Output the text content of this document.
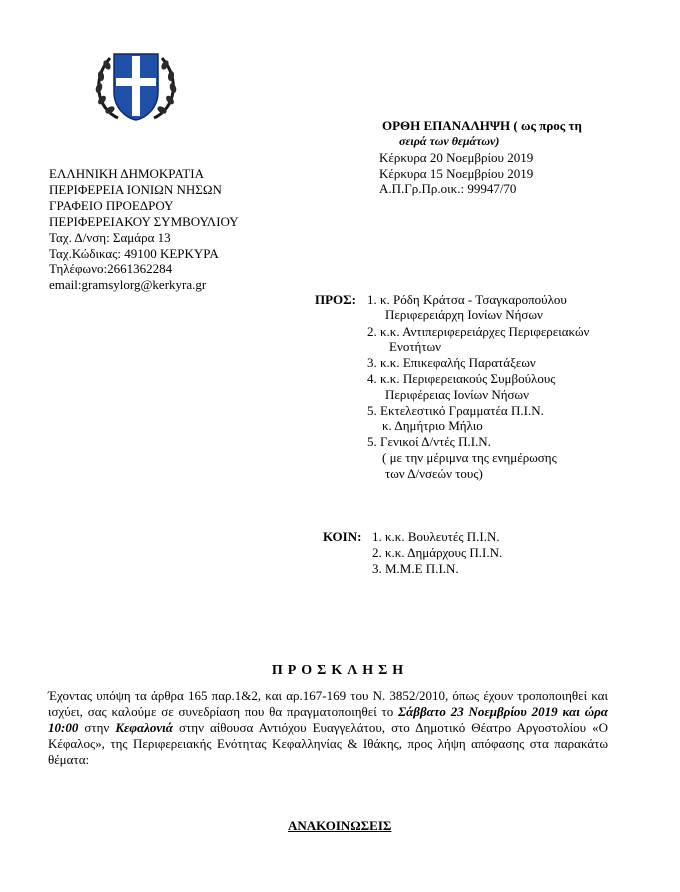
ΟΡΘΗ ΕΠΑΝΑΛΗΨΗ ( ως προς τη
σειρά των θεμάτων)
Κέρκυρα 20 Νοεμβρίου 2019
Κέρκυρα 15 Νοεμβρίου 2019
Α.Π.Γρ.Πρ.οικ.: 99947/70
ΕΛΛΗΝΙΚΗ ΔΗΜΟΚΡΑΤΙΑ
ΠΕΡΙΦΕΡΕΙΑ ΙΟΝΙΩΝ ΝΗΣΩΝ
ΓΡΑΦΕΙΟ ΠΡΟΕΔΡΟΥ
ΠΕΡΙΦΕΡΕΙΑΚΟΥ ΣΥΜΒΟΥΛΙΟΥ
Ταχ. Δ/νση: Σαμάρα 13
Ταχ.Κώδικας: 49100 ΚΕΡΚΥΡΑ
Τηλέφωνο:2661362284
email:gramsylorg@kerkyra.gr
ΠΡΟΣ: 1. κ. Ρόδη Κράτσα - Τσαγκαροπούλου
Περιφερειάρχη Ιονίων Νήσων
2. κ.κ. Αντιπεριφερειάρχες Περιφερειακών
Ενοτήτων
3. κ.κ. Επικεφαλής Παρατάξεων
4. κ.κ. Περιφερειακούς Συμβούλους
Περιφέρειας Ιονίων Νήσων
5. Εκτελεστικό Γραμματέα Π.Ι.Ν.
κ. Δημήτριο Μήλιο
5. Γενικοί Δ/ντές Π.Ι.Ν.
( με την μέριμνα της ενημέρωσης
των Δ/νσεών τους)
ΚΟΙΝ: 1. κ.κ. Βουλευτές Π.Ι.Ν.
2. κ.κ. Δημάρχους Π.Ι.Ν.
3. Μ.Μ.Ε Π.Ι.Ν.
ΠΡΟΣΚΛΗΣΗ

Έχοντας υπόψη τα άρθρα 165 παρ.1&2, και αρ.167-169 του Ν. 3852/2010, όπως έχουν τροποποιηθεί και ισχύει, σας καλούμε σε συνεδρίαση που θα πραγματοποιηθεί το Σάββατο 23 Νοεμβρίου 2019 και ώρα 10:00 στην Κεφαλονιά στην αίθουσα Αντιόχου Ευαγγελάτου, στο Δημοτικό Θέατρο Αργοστολίου «Ο Κέφαλος», της Περιφερειακής Ενότητας Κεφαλληνίας & Ιθάκης, προς λήψη απόφασης στα παρακάτω θέματα:

ΑΝΑΚΟΙΝΩΣΕΙΣ
